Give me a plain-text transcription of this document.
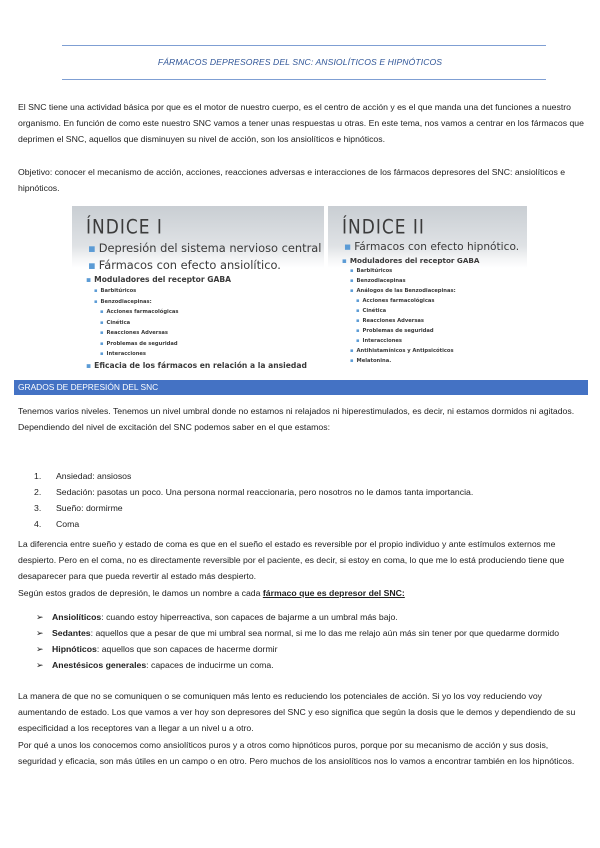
FÁRMACOS DEPRESORES DEL SNC: ANSIOLÍTICOS E HIPNÓTICOS
El SNC tiene una actividad básica por que es el motor de nuestro cuerpo, es el centro de acción y es el que manda una det funciones a nuestro organismo. En función de como este nuestro SNC vamos a tener unas respuestas u otras. En este tema, nos vamos a centrar en los fármacos que deprimen el SNC, aquellos que disminuyen su nivel de acción, son los ansiolíticos e hipnóticos.
Objetivo: conocer el mecanismo de acción, acciones, reacciones adversas e interacciones de los fármacos depresores del SNC: ansiolíticos e hipnóticos.
ÍNDICE I
▪ Depresión del sistema nervioso central
▪ Fármacos con efecto ansiolítico.
▪ Moduladores del receptor GABA
▪ Barbitúricos
▪ Benzodiacepinas:
▪ Acciones farmacológicas
▪ Cinética
▪ Reacciones Adversas
▪ Problemas de seguridad
▪ Interacciones
▪ Eficacia de los fármacos en relación a la ansiedad
ÍNDICE II
▪ Fármacos con efecto hipnótico.
▪ Moduladores del receptor GABA
▪ Barbitúricos
▪ Benzodiacepinas
▪ Análogos de las Benzodiacepinas:
▪ Acciones farmacológicas
▪ Cinética
▪ Reacciones Adversas
▪ Problemas de seguridad
▪ Interacciones
▪ Antihistamínicos y Antipsicóticos
▪ Melatonina.
GRADOS DE DEPRESIÓN DEL SNC
Tenemos varios niveles. Tenemos un nivel umbral donde no estamos ni relajados ni hiperestimulados, es decir, ni estamos dormidos ni agitados. Dependiendo del nivel de excitación del SNC podemos saber en el que estamos:
1. Ansiedad: ansiosos
2. Sedación: pasotas un poco. Una persona normal reaccionaria, pero nosotros no le damos tanta importancia.
3. Sueño: dormirme
4. Coma
La diferencia entre sueño y estado de coma es que en el sueño el estado es reversible por el propio individuo y ante estímulos externos me despierto. Pero en el coma, no es directamente reversible por el paciente, es decir, si estoy en coma, lo que me lo está produciendo tiene que desaparecer para que pueda revertir al estado más despierto.
Según estos grados de depresión, le damos un nombre a cada fármaco que es depresor del SNC:
➢ Ansiolíticos: cuando estoy hiperreactiva, son capaces de bajarme a un umbral más bajo.
➢ Sedantes: aquellos que a pesar de que mi umbral sea normal, si me lo das me relajo aún más sin tener por que quedarme dormido
➢ Hipnóticos: aquellos que son capaces de hacerme dormir
➢ Anestésicos generales: capaces de inducirme un coma.
La manera de que no se comuniquen o se comuniquen más lento es reduciendo los potenciales de acción. Si yo los voy reduciendo voy aumentando de estado. Los que vamos a ver hoy son depresores del SNC y eso significa que según la dosis que le demos y dependiendo de su especificidad a los receptores van a llegar a un nivel u a otro.
Por qué a unos los conocemos como ansiolíticos puros y a otros como hipnóticos puros, porque por su mecanismo de acción y sus dosis, seguridad y eficacia, son más útiles en un campo o en otro. Pero muchos de los ansiolíticos nos lo vamos a encontrar también en los hipnóticos.
